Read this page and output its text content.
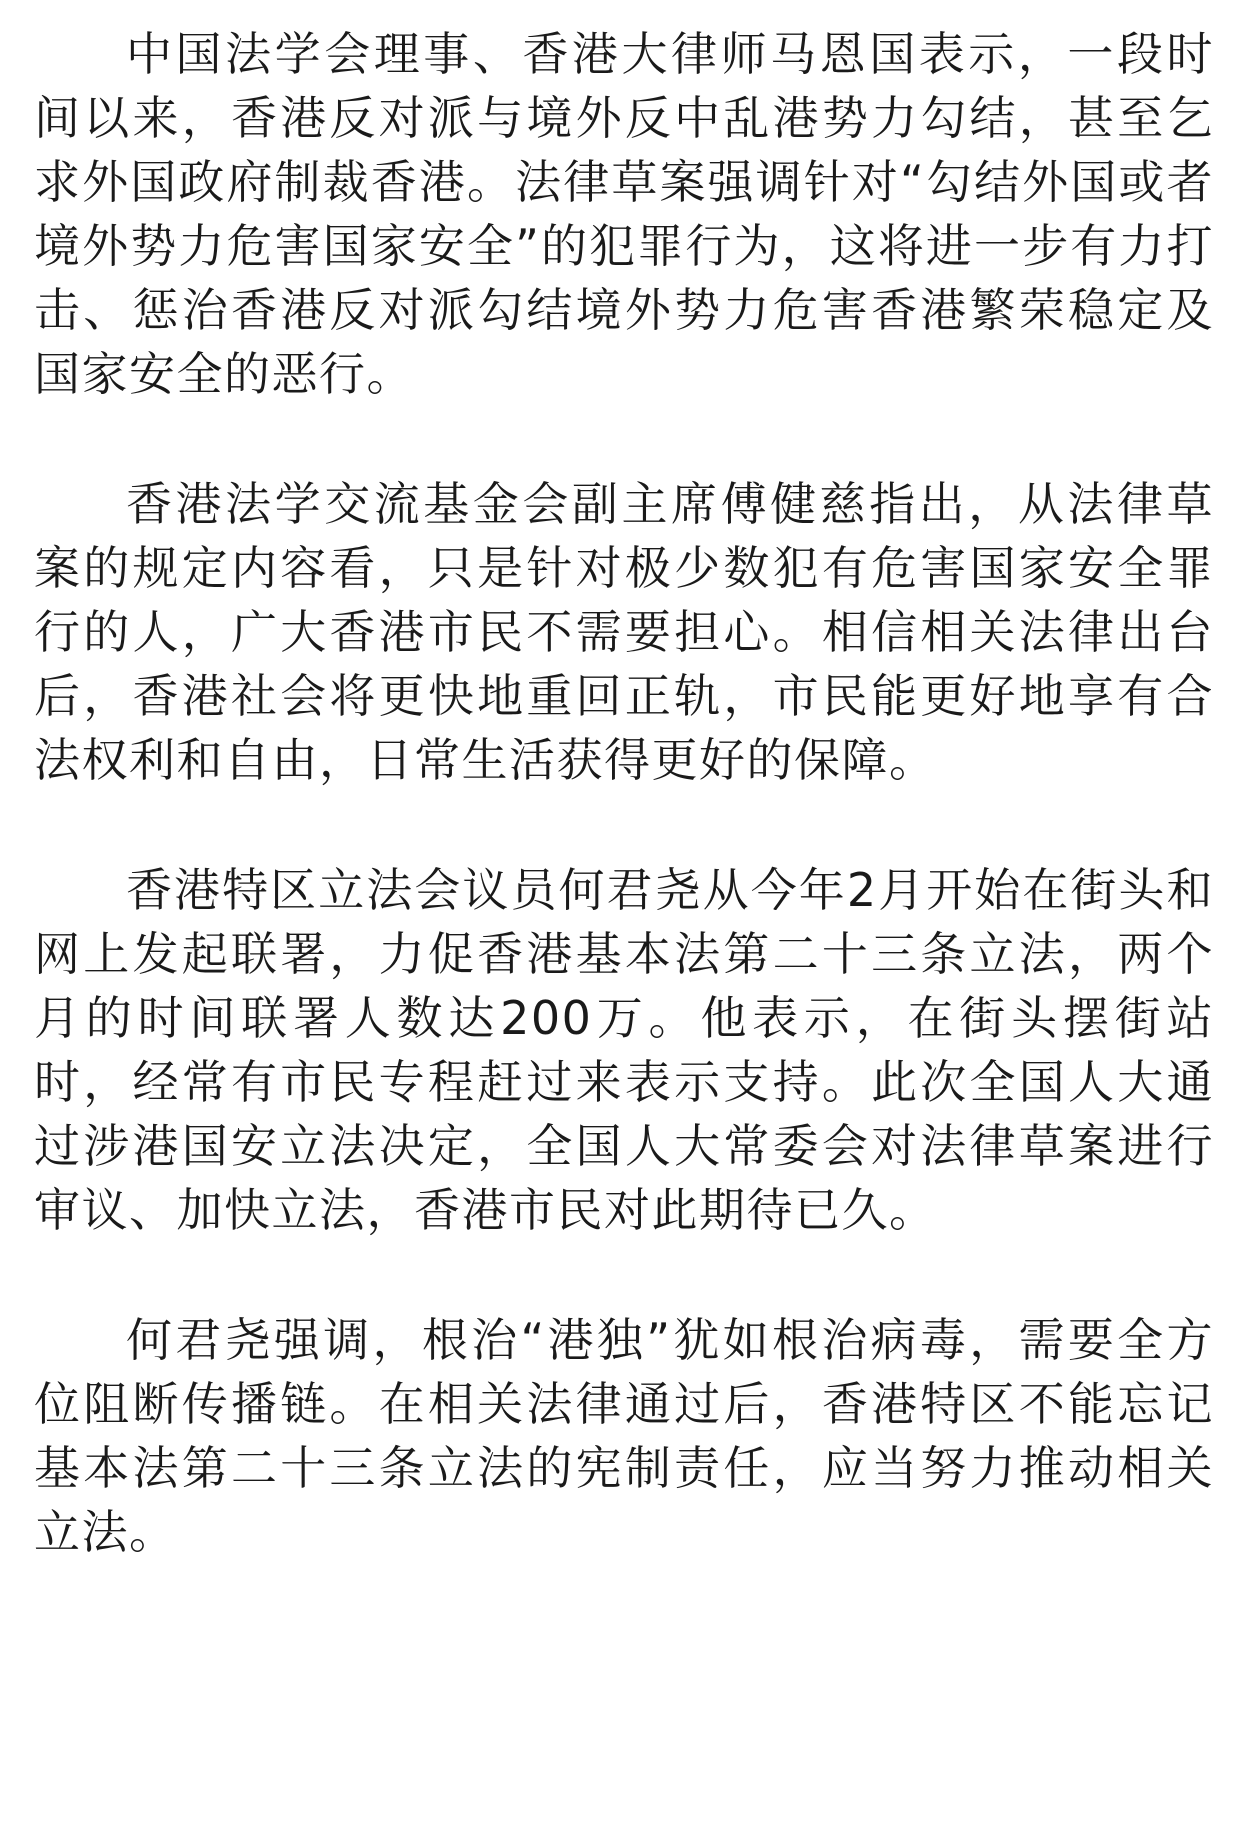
中国法学会理事、香港大律师马恩国表示，一段时间以来，香港反对派与境外反中乱港势力勾结，甚至乞求外国政府制裁香港。法律草案强调针对“勾结外国或者境外势力危害国家安全”的犯罪行为，这将进一步有力打击、惩治香港反对派勾结境外势力危害香港繁荣稳定及国家安全的恶行。

香港法学交流基金会副主席傅健慈指出，从法律草案的规定内容看，只是针对极少数犯有危害国家安全罪行的人，广大香港市民不需要担心。相信相关法律出台后，香港社会将更快地重回正轨，市民能更好地享有合法权利和自由，日常生活获得更好的保障。

香港特区立法会议员何君尧从今年2月开始在街头和网上发起联署，力促香港基本法第二十三条立法，两个月的时间联署人数达200万。他表示，在街头摆街站时，经常有市民专程赶过来表示支持。此次全国人大通过涉港国安立法决定，全国人大常委会对法律草案进行审议、加快立法，香港市民对此期待已久。

何君尧强调，根治“港独”犹如根治病毒，需要全方位阻断传播链。在相关法律通过后，香港特区不能忘记基本法第二十三条立法的宪制责任，应当努力推动相关立法。
